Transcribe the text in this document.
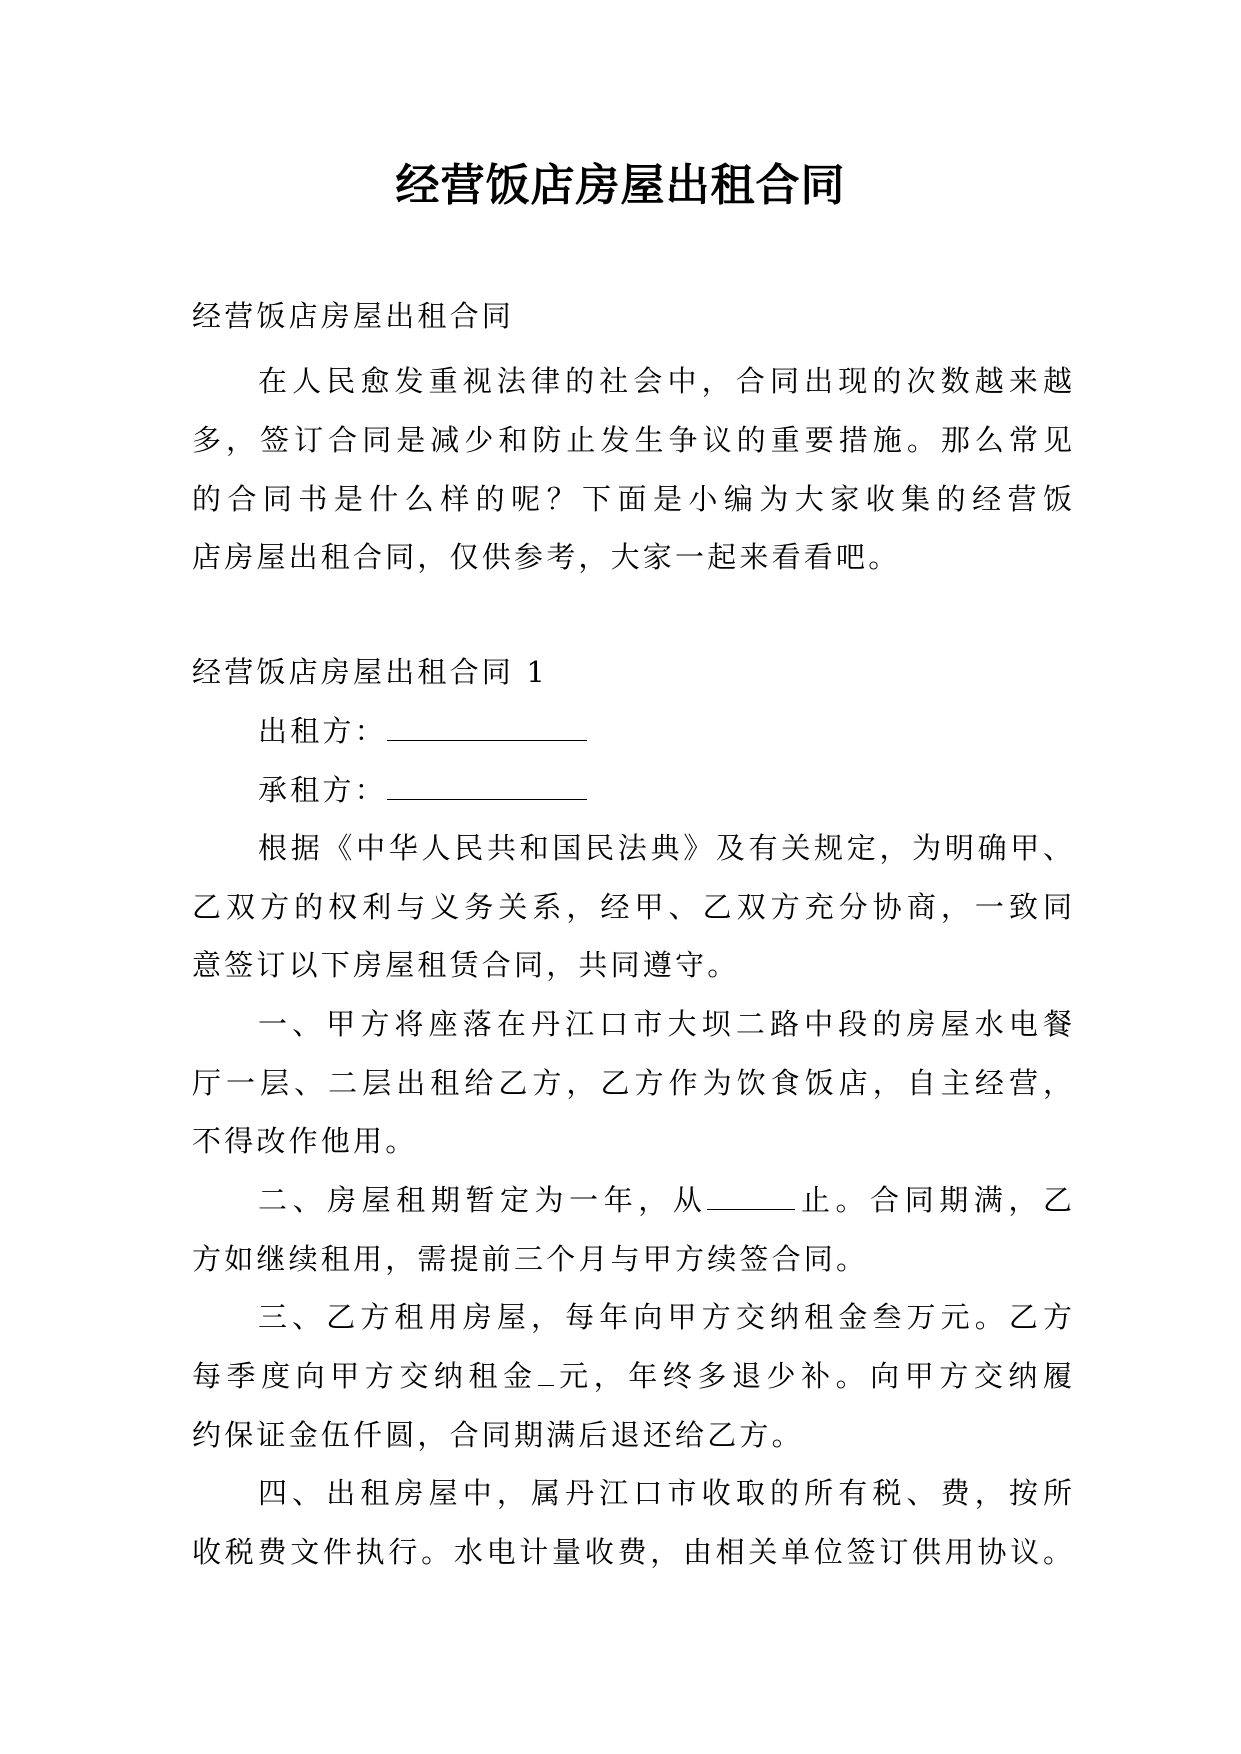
经营饭店房屋出租合同
经营饭店房屋出租合同
在人民愈发重视法律的社会中，合同出现的次数越来越
多，签订合同是减少和防止发生争议的重要措施。那么常见
的合同书是什么样的呢？下面是小编为大家收集的经营饭
店房屋出租合同，仅供参考，大家一起来看看吧。
经营饭店房屋出租合同 1
出租方：
承租方：
根据《中华人民共和国民法典》及有关规定，为明确甲、
乙双方的权利与义务关系，经甲、乙双方充分协商，一致同
意签订以下房屋租赁合同，共同遵守。
一、甲方将座落在丹江口市大坝二路中段的房屋水电餐
厅一层、二层出租给乙方，乙方作为饮食饭店，自主经营，
不得改作他用。
二、房屋租期暂定为一年，从	止。合同期满，乙
方如继续租用，需提前三个月与甲方续签合同。
三、乙方租用房屋，每年向甲方交纳租金叁万元。乙方
每季度向甲方交纳租金 元，年终多退少补。向甲方交纳履
约保证金伍仟圆，合同期满后退还给乙方。
四、出租房屋中，属丹江口市收取的所有税、费，按所
收税费文件执行。水电计量收费，由相关单位签订供用协议。
